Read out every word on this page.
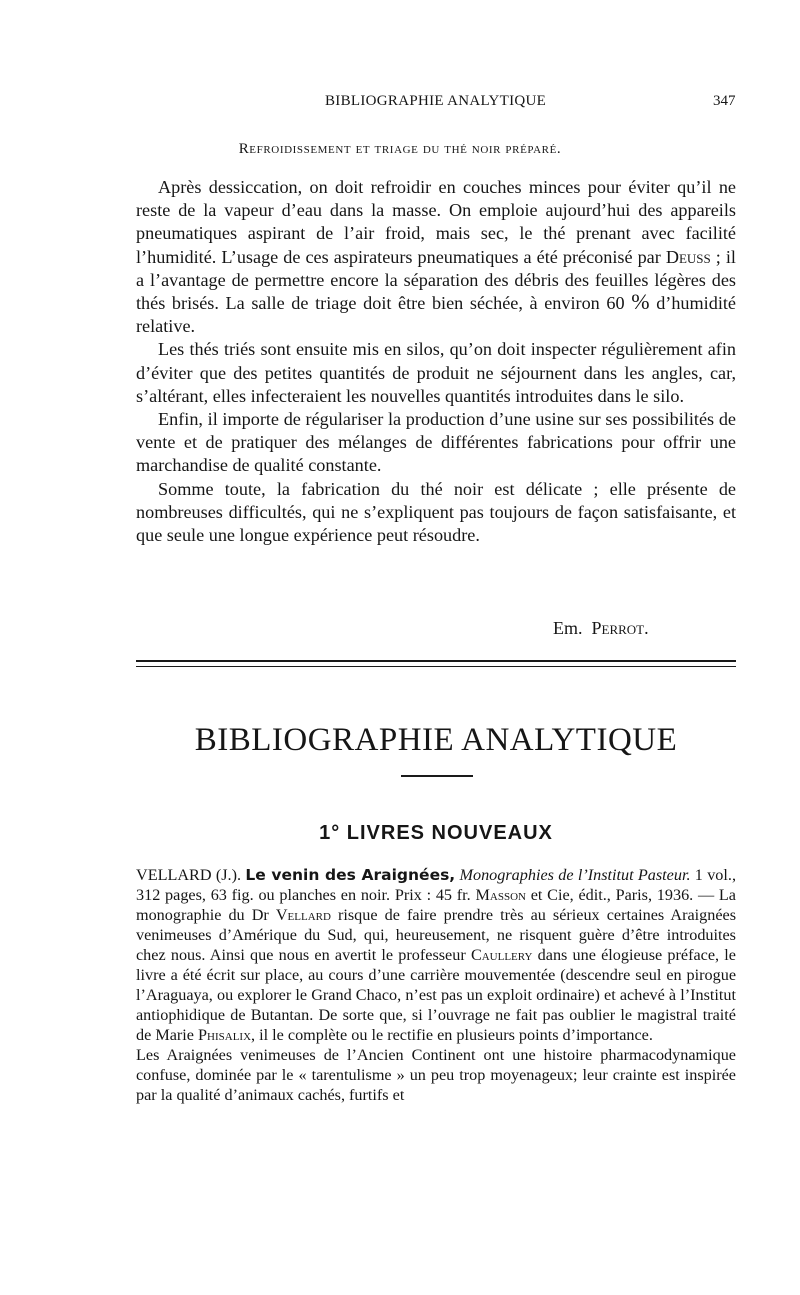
BIBLIOGRAPHIE ANALYTIQUE	347
Refroidissement et triage du thé noir préparé.

Après dessiccation, on doit refroidir en couches minces pour éviter qu’il ne reste de la vapeur d’eau dans la masse. On emploie aujourd’hui des appareils pneumatiques aspirant de l’air froid, mais sec, le thé prenant avec facilité l’humidité. L’usage de ces aspirateurs pneumatiques a été préconisé par Deuss ; il a l’avantage de permettre encore la séparation des débris des feuilles légères des thés brisés. La salle de triage doit être bien séchée, à environ 60 % d’humidité relative.

Les thés triés sont ensuite mis en silos, qu’on doit inspecter régulièrement afin d’éviter que des petites quantités de produit ne séjournent dans les angles, car, s’altérant, elles infecteraient les nouvelles quantités introduites dans le silo.

Enfin, il importe de régulariser la production d’une usine sur ses possibilités de vente et de pratiquer des mélanges de différentes fabrications pour offrir une marchandise de qualité constante.

Somme toute, la fabrication du thé noir est délicate ; elle présente de nombreuses difficultés, qui ne s’expliquent pas toujours de façon satisfaisante, et que seule une longue expérience peut résoudre.

Em. Perrot.
BIBLIOGRAPHIE ANALYTIQUE
1° LIVRES NOUVEAUX

VELLARD (J.). Le venin des Araignées, Monographies de l’Institut Pasteur. 1 vol., 312 pages, 63 fig. ou planches en noir. Prix : 45 fr. Masson et Cie, édit., Paris, 1936. — La monographie du Dr Vellard risque de faire prendre très au sérieux certaines Araignées venimeuses d’Amérique du Sud, qui, heureusement, ne risquent guère d’être introduites chez nous. Ainsi que nous en avertit le professeur Caullery dans une élogieuse préface, le livre a été écrit sur place, au cours d’une carrière mouvementée (descendre seul en pirogue l’Araguaya, ou explorer le Grand Chaco, n’est pas un exploit ordinaire) et achevé à l’Institut antiophidique de Butantan. De sorte que, si l’ouvrage ne fait pas oublier le magistral traité de Marie Phisalix, il le complète ou le rectifie en plusieurs points d’importance.

Les Araignées venimeuses de l’Ancien Continent ont une histoire pharmacodynamique confuse, dominée par le « tarentulisme » un peu trop moyenageux; leur crainte est inspirée par la qualité d’animaux cachés, furtifs et
